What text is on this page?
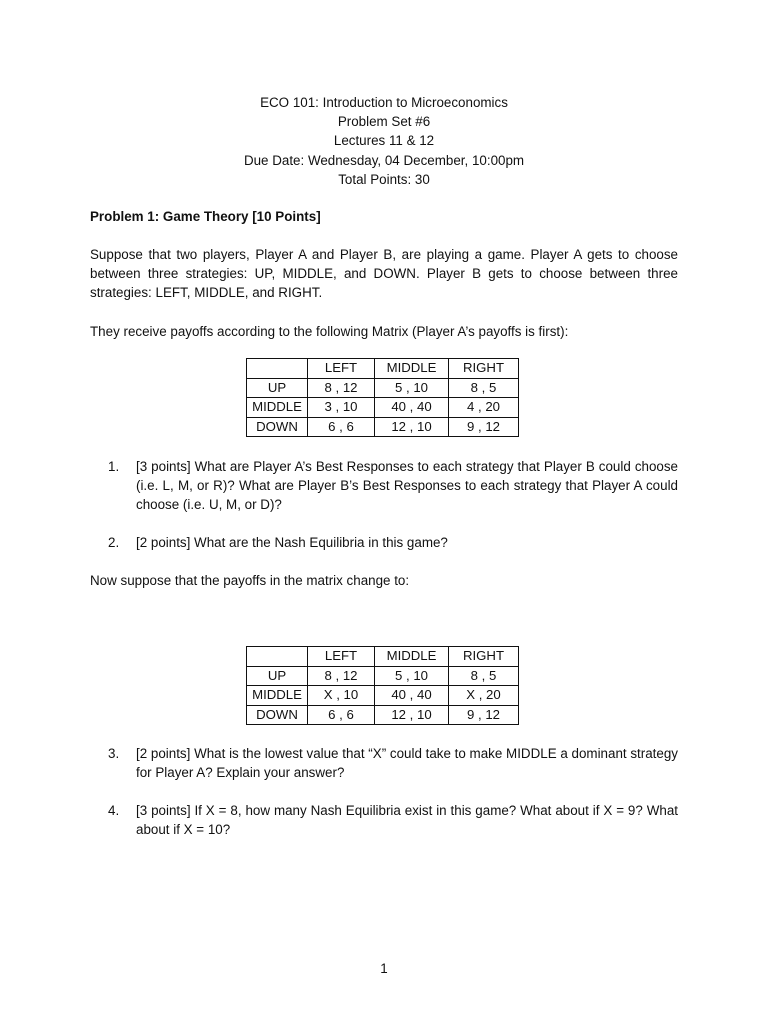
ECO 101: Introduction to Microeconomics
Problem Set #6
Lectures 11 & 12
Due Date: Wednesday, 04 December, 10:00pm
Total Points: 30
Problem 1: Game Theory [10 Points]
Suppose that two players, Player A and Player B, are playing a game. Player A gets to choose between three strategies: UP, MIDDLE, and DOWN. Player B gets to choose between three strategies: LEFT, MIDDLE, and RIGHT.
They receive payoffs according to the following Matrix (Player A’s payoffs is first):
	LEFT	MIDDLE	RIGHT
UP	8 , 12	5 , 10	8 , 5
MIDDLE	3 , 10	40 , 40	4 , 20
DOWN	6 , 6	12 , 10	9 , 12
1.	[3 points] What are Player A’s Best Responses to each strategy that Player B could choose (i.e. L, M, or R)? What are Player B’s Best Responses to each strategy that Player A could choose (i.e. U, M, or D)?
2.	[2 points] What are the Nash Equilibria in this game?
Now suppose that the payoffs in the matrix change to:
	LEFT	MIDDLE	RIGHT
UP	8 , 12	5 , 10	8 , 5
MIDDLE	X , 10	40 , 40	X , 20
DOWN	6 , 6	12 , 10	9 , 12
3.	[2 points] What is the lowest value that “X” could take to make MIDDLE a dominant strategy for Player A? Explain your answer?
4.	[3 points] If X = 8, how many Nash Equilibria exist in this game? What about if X = 9? What about if X = 10?
1
